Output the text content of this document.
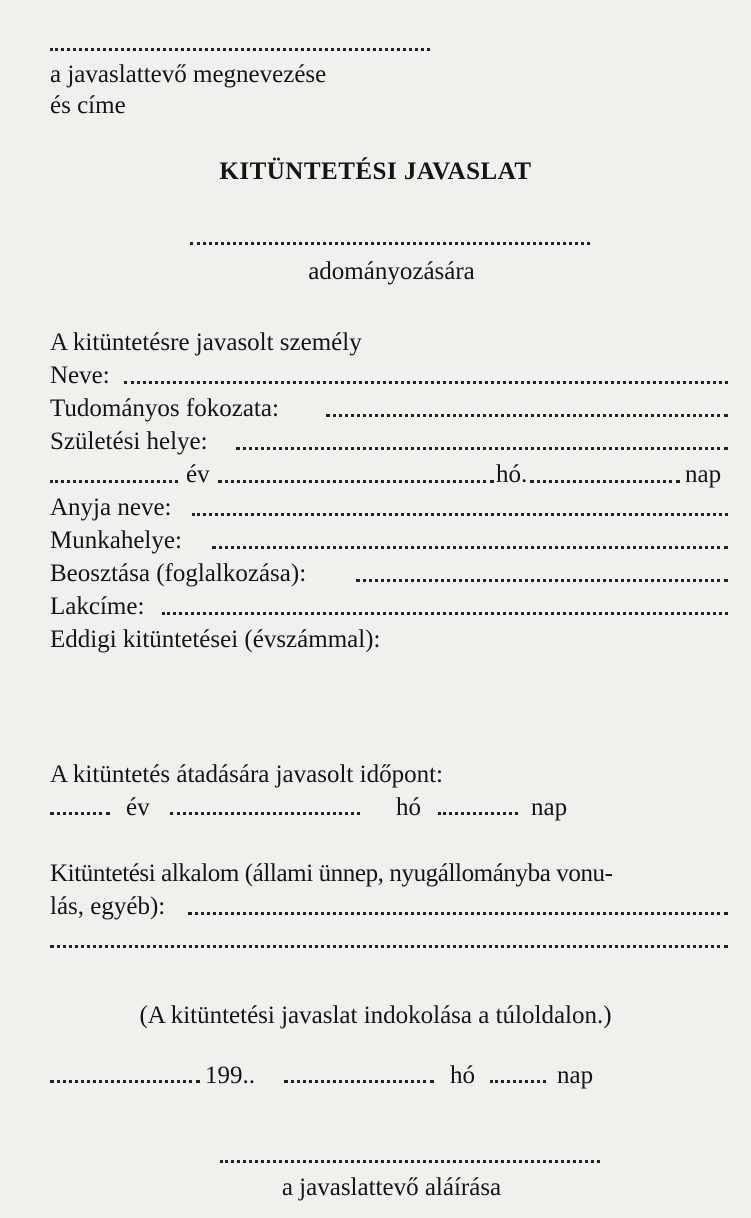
a javaslattevő megnevezése
és címe
KITÜNTETÉSI JAVASLAT
adományozására
A kitüntetésre javasolt személy
Neve:
Tudományos fokozata:
Születési helye:
év	hó.	nap
Anyja neve:
Munkahelye:
Beosztása (foglalkozása):
Lakcíme:
Eddigi kitüntetései (évszámmal):
A kitüntetés átadására javasolt időpont:
év	hó	nap
Kitüntetési alkalom (állami ünnep, nyugállományba vonu-
lás, egyéb):
(A kitüntetési javaslat indokolása a túloldalon.)
199..	hó	nap
a javaslattevő aláírása
